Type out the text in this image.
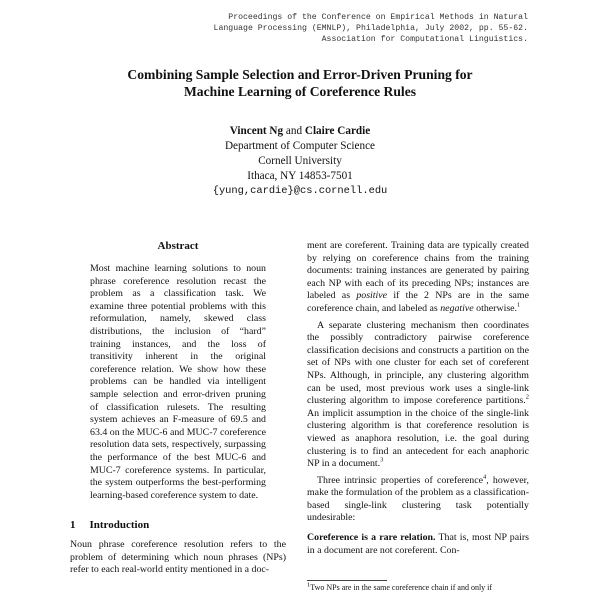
Proceedings of the Conference on Empirical Methods in Natural
Language Processing (EMNLP), Philadelphia, July 2002, pp. 55-62.
Association for Computational Linguistics.
Combining Sample Selection and Error-Driven Pruning for
Machine Learning of Coreference Rules
Vincent Ng and Claire Cardie
Department of Computer Science
Cornell University
Ithaca, NY 14853-7501
{yung,cardie}@cs.cornell.edu
Abstract
Most machine learning solutions to noun phrase coreference resolution recast the problem as a classification task. We examine three potential problems with this reformulation, namely, skewed class distributions, the inclusion of “hard” training instances, and the loss of transitivity inherent in the original coreference relation. We show how these problems can be handled via intelligent sample selection and error-driven pruning of classification rulesets. The resulting system achieves an F-measure of 69.5 and 63.4 on the MUC-6 and MUC-7 coreference resolution data sets, respectively, surpassing the performance of the best MUC-6 and MUC-7 coreference systems. In particular, the system outperforms the best-performing learning-based coreference system to date.
1 Introduction

Noun phrase coreference resolution refers to the problem of determining which noun phrases (NPs) refer to each real-world entity mentioned in a doc-

ment are coreferent. Training data are typically created by relying on coreference chains from the training documents: training instances are generated by pairing each NP with each of its preceding NPs; instances are labeled as positive if the 2 NPs are in the same coreference chain, and labeled as negative otherwise.$^1$

A separate clustering mechanism then coordinates the possibly contradictory pairwise coreference classification decisions and constructs a partition on the set of NPs with one cluster for each set of coreferent NPs. Although, in principle, any clustering algorithm can be used, most previous work uses a single-link clustering algorithm to impose coreference partitions.$^2$ An implicit assumption in the choice of the single-link clustering algorithm is that coreference resolution is viewed as anaphora resolution, i.e. the goal during clustering is to find an antecedent for each anaphoric NP in a document.$^3$

Three intrinsic properties of coreference$^4$, however, make the formulation of the problem as a classification-based single-link clustering task potentially undesirable:

Coreference is a rare relation. That is, most NP pairs in a document are not coreferent. Con-

$^1$Two NPs are in the same coreference chain if and only if
